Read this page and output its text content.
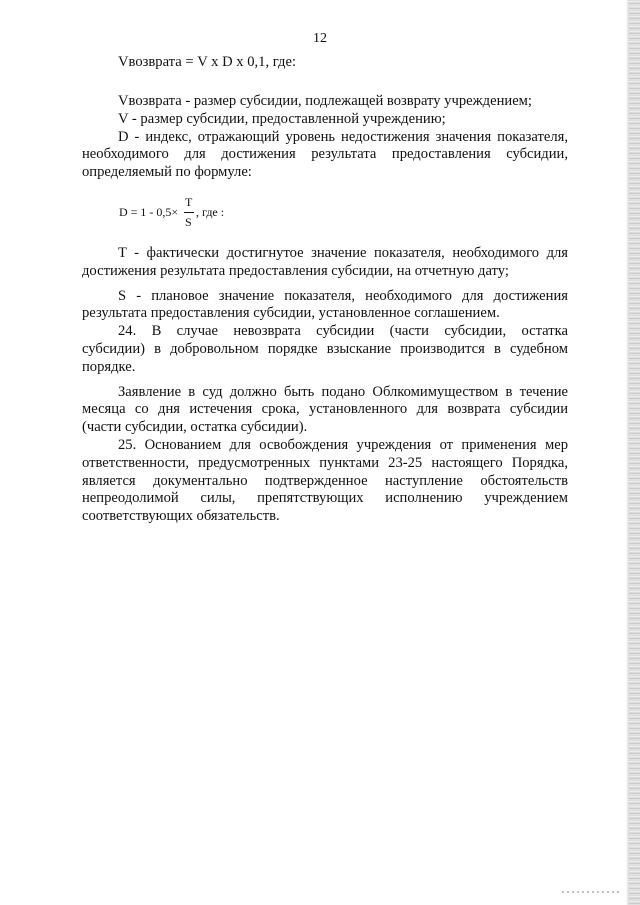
12
Vвозврата = V x D x 0,1, где:
Vвозврата - размер субсидии, подлежащей возврату учреждением;
V - размер субсидии, предоставленной учреждению;
D - индекс, отражающий уровень недостижения значения показателя,
необходимого для достижения результата предоставления субсидии,
определяемый по формуле:
D = 1 - 0,5×
T
S
, где :
T - фактически достигнутое значение показателя, необходимого для
достижения результата предоставления субсидии, на отчетную дату;
S - плановое значение показателя, необходимого для достижения
результата предоставления субсидии, установленное соглашением.
24. В случае невозврата субсидии (части субсидии, остатка
субсидии) в добровольном порядке взыскание производится в судебном
порядке.
Заявление в суд должно быть подано Облкомимуществом в течение
месяца со дня истечения срока, установленного для возврата субсидии
(части субсидии, остатка субсидии).
25. Основанием для освобождения учреждения от применения мер
ответственности, предусмотренных пунктами 23-25 настоящего Порядка,
является документально подтвержденное наступление обстоятельств
непреодолимой силы, препятствующих исполнению учреждением
соответствующих обязательств.
